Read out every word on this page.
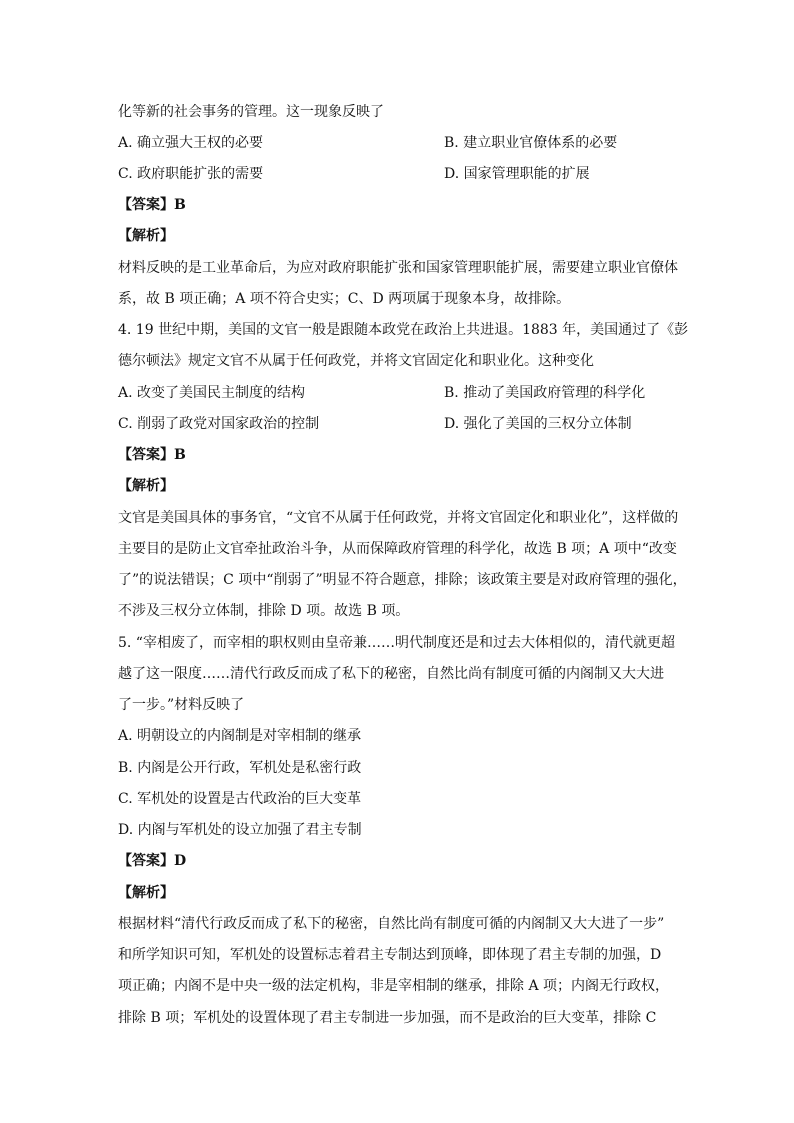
化等新的社会事务的管理。这一现象反映了
A. 确立强大王权的必要	B. 建立职业官僚体系的必要
C. 政府职能扩张的需要	D. 国家管理职能的扩展
【答案】B
【解析】
材料反映的是工业革命后，为应对政府职能扩张和国家管理职能扩展，需要建立职业官僚体
系，故 B 项正确；A 项不符合史实；C、D 两项属于现象本身，故排除。
4. 19 世纪中期，美国的文官一般是跟随本政党在政治上共进退。1883 年，美国通过了《彭
德尔顿法》规定文官不从属于任何政党，并将文官固定化和职业化。这种变化
A. 改变了美国民主制度的结构	B. 推动了美国政府管理的科学化
C. 削弱了政党对国家政治的控制	D. 强化了美国的三权分立体制
【答案】B
【解析】
文官是美国具体的事务官，“文官不从属于任何政党，并将文官固定化和职业化”，这样做的
主要目的是防止文官牵扯政治斗争，从而保障政府管理的科学化，故选 B 项；A 项中“改变
了”的说法错误；C 项中“削弱了”明显不符合题意，排除；该政策主要是对政府管理的强化，
不涉及三权分立体制，排除 D 项。故选 B 项。
5. “宰相废了，而宰相的职权则由皇帝兼……明代制度还是和过去大体相似的，清代就更超
越了这一限度……清代行政反而成了私下的秘密，自然比尚有制度可循的内阁制又大大进
了一步。”材料反映了
A. 明朝设立的内阁制是对宰相制的继承
B. 内阁是公开行政，军机处是私密行政
C. 军机处的设置是古代政治的巨大变革
D. 内阁与军机处的设立加强了君主专制
【答案】D
【解析】
根据材料“清代行政反而成了私下的秘密，自然比尚有制度可循的内阁制又大大进了一步”
和所学知识可知，军机处的设置标志着君主专制达到顶峰，即体现了君主专制的加强，D
项正确；内阁不是中央一级的法定机构，非是宰相制的继承，排除 A 项；内阁无行政权，
排除 B 项；军机处的设置体现了君主专制进一步加强，而不是政治的巨大变革，排除 C
